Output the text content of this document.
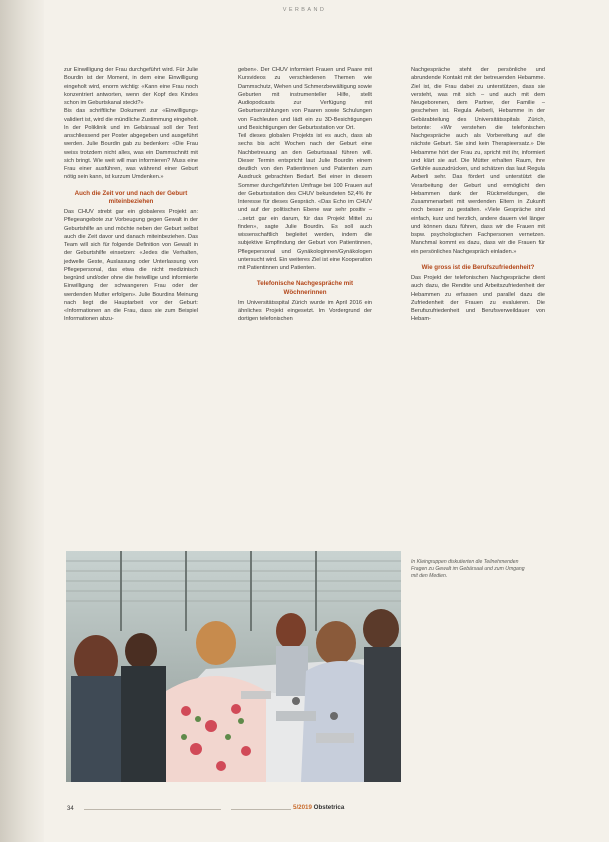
VERBAND

zur Einwilligung der Frau durchgeführt wird. Für Julie Bourdin ist der Moment, in dem eine Einwilligung eingeholt wird, enorm wichtig: «Kann eine Frau noch konzentriert antworten, wenn der Kopf des Kindes schon im Geburtskanal steckt?»

Bis das schriftliche Dokument zur «Einwilligung» validiert ist, wird die mündliche Zustimmung eingeholt. In der Poliklinik und im Gebärsaal soll der Text anschliessend per Poster abgegeben und ausgeführt werden. Julie Bourdin gab zu bedenken: «Die Frau weiss trotzdem nicht alles, was ein Dammschnitt mit sich bringt. Wie weit will man informieren? Muss eine Frau einer ausführen, was während einer Geburt nötig sein kann, ist kurzum Umdenken.»

Auch die Zeit vor und nach der Geburt miteinbeziehen

Das CHUV strebt gar ein globaleres Projekt an: Pflegeangebote zur Vorbeugung gegen Gewalt in der Geburtshilfe an und möchte neben der Geburt selbst auch die Zeit davor und danach miteinbeziehen. Das Team will sich für folgende Definition von Gewalt in der Geburtshilfe einsetzen: «Jedes die Verhalten, jedwelle Geste, Auslassung oder Unterlassung von Pflegepersonal, das etwa die nicht medizinisch begründ und/oder ohne die freiwillige und informierte Einwilligung der schwangeren Frau oder der werdenden Mutter erfolgen». Julie Bourdins Meinung nach liegt die Hauptarbeit vor der Geburt: «Informationen an die Frau, dass sie zum Beispiel Informationen abzu-

geben». Der CHUV informiert Frauen und Paare mit Kursvideos zu verschiedenen Themen wie Dammschutz, Wehen und Schmerzbewältigung sowie Geburten mit instrumenteller Hilfe, stellt Audiopodcasts zur Verfügung mit Geburtserzählungen von Paaren sowie Schulungen von Fachleuten und lädt ein zu 3D-Besichtigungen und Besichtigungen der Geburtsstation vor Ort.

Teil dieses globalen Projekts ist es auch, dass ab sechs bis acht Wochen nach der Geburt eine Nachbetreuung an den Geburtssaal führen will. Dieser Termin entspricht laut Julie Bourdin einem deutlich von den Patientinnen und Patienten zum Ausdruck gebrachten Bedarf. Bei einer in diesem Sommer durchgeführten Umfrage bei 100 Frauen auf der Geburtsstation des CHUV bekundeten 52,4% ihr Interesse für dieses Gespräch. «Das Echo im CHUV und auf der politischen Ebene war sehr positiv – ...setzt gar ein darum, für das Projekt Mittel zu finden», sagte Julie Bourdin. Es soll auch wissenschaftlich begleitet werden, indem die subjektive Empfindung der Geburt von Patientinnen, Pflegepersonal und Gynäkologinnen/Gynäkologen untersucht wird. Ein weiteres Ziel ist eine Kooperation mit Patientinnen und Patienten.

Telefonische Nachgespräche mit Wöchnerinnen

Im Universitätsspital Zürich wurde im April 2016 ein ähnliches Projekt eingesetzt. Im Vordergrund der dortigen telefonischen

Nachgespräche steht der persönliche und abrundende Kontakt mit der betreuenden Hebamme. Ziel ist, die Frau dabei zu unterstützen, dass sie versteht, was mit sich – und auch mit dem Neugeborenen, dem Partner, der Familie – geschehen ist. Regula Aeberli, Hebamme in der Gebärabteilung des Universitätsspitals Zürich, betonte: «Wir verstehen die telefonischen Nachgespräche auch als Vorbereitung auf die nächste Geburt. Sie sind kein Therapieersatz.» Die Hebamme hört der Frau zu, spricht mit ihr, informiert und klärt sie auf. Die Mütter erhalten Raum, ihre Gefühle auszudrücken, und schätzen das laut Regula Aeberli sehr. Das fördert und unterstützt die Verarbeitung der Geburt und ermöglicht den Hebammen dank der Rückmeldungen, die Zusammenarbeit mit werdenden Eltern in Zukunft noch besser zu gestalten. «Viele Gespräche sind einfach, kurz und herzlich, andere dauern viel länger und können dazu führen, dass wir die Frauen mit bspw. psychologischen Fachpersonen vernetzen. Manchmal kommt es dazu, dass wir die Frauen für ein persönliches Nachgespräch einladen.»

Wie gross ist die Berufszufriedenheit?

Das Projekt der telefonischen Nachgespräche dient auch dazu, die Rendite und Arbeitszufriedenheit der Hebammen zu erfassen und parallel dazu die Zufriedenheit der Frauen zu evaluieren. Die Berufszufriedenheit und Berufsverweildauer von Hebam-

In Kleingruppen diskutierten die Teilnehmenden Fragen zu Gewalt im Gebärsaal und zum Umgang mit den Medien.
34	5/2019 Obstetrica
